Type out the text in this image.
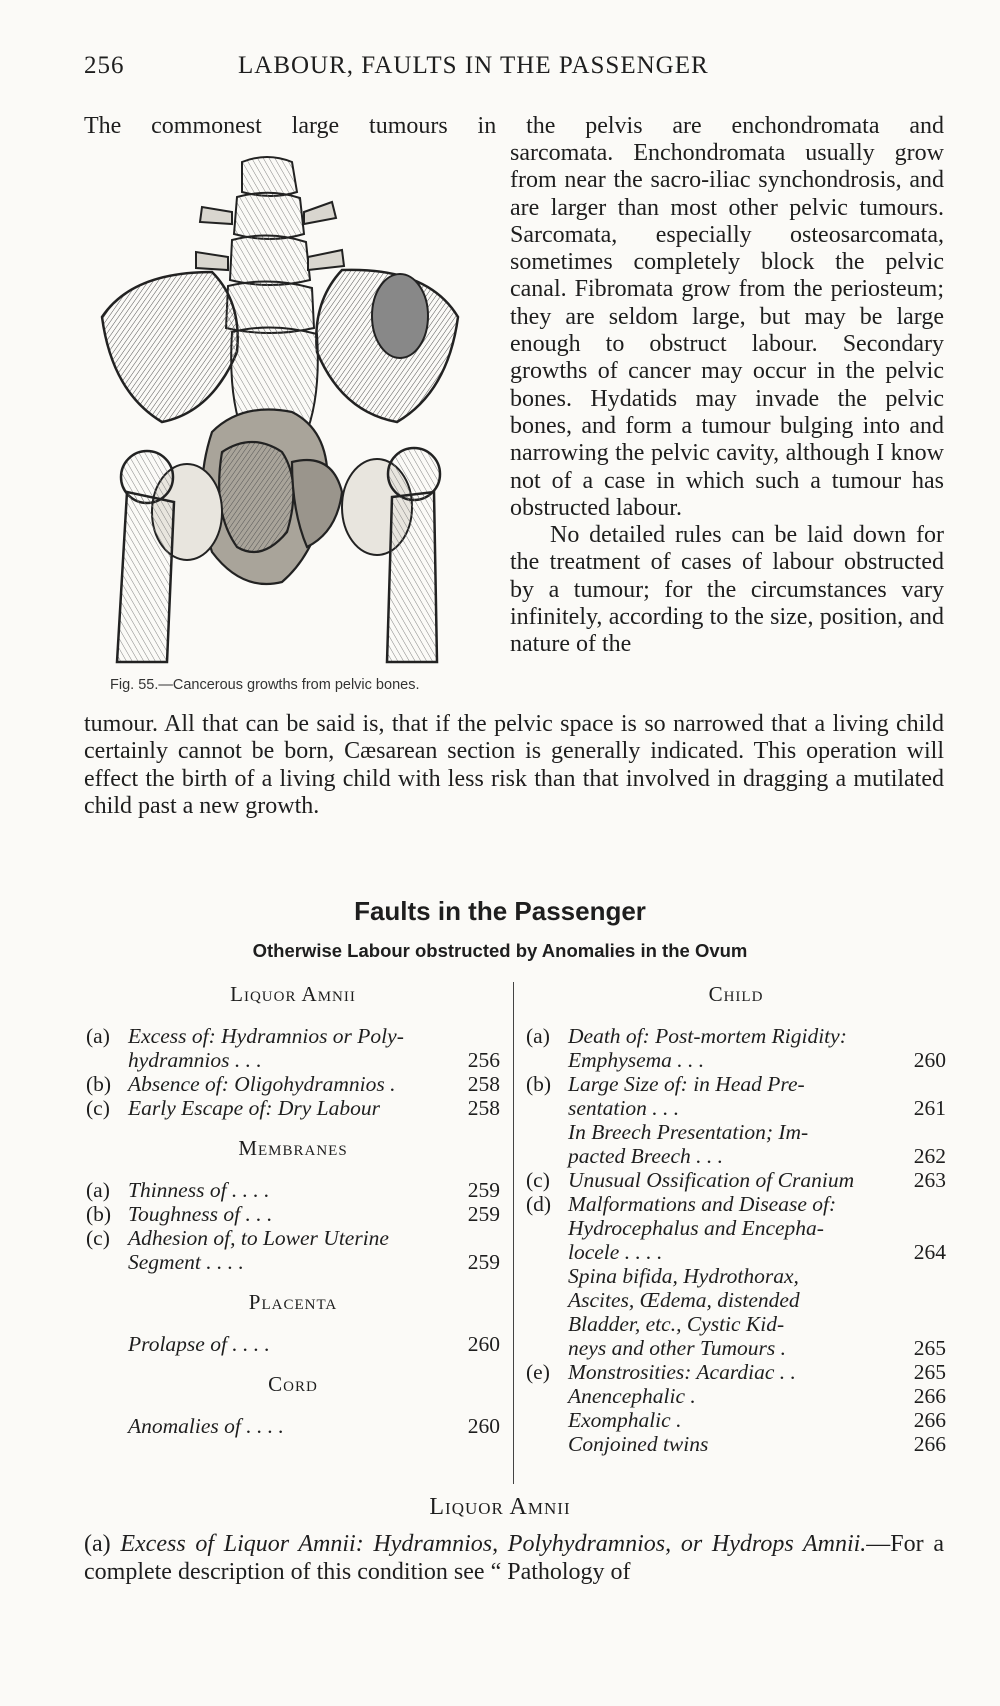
256	LABOUR, FAULTS IN THE PASSENGER
The commonest large tumours in the pelvis are enchondromata and

sarcomata. Enchondromata usually grow from near the sacro-iliac synchondrosis, and are larger than most other pelvic tumours. Sarcomata, especially osteosarcomata, sometimes completely block the pelvic canal. Fibromata grow from the periosteum; they are seldom large, but may be large enough to obstruct labour. Secondary growths of cancer may occur in the pelvic bones. Hydatids may invade the pelvic bones, and form a tumour bulging into and narrowing the pelvic cavity, although I know not of a case in which such a tumour has obstructed labour.

No detailed rules can be laid down for the treatment of cases of labour obstructed by a tumour; for the circumstances vary infinitely, according to the size, position, and nature of the

Fig. 55.—Cancerous growths from pelvic bones.
tumour. All that can be said is, that if the pelvic space is so narrowed that a living child certainly cannot be born, Cæsarean section is generally indicated. This operation will effect the birth of a living child with less risk than that involved in dragging a mutilated child past a new growth.
Faults in the Passenger
Otherwise Labour obstructed by Anomalies in the Ovum
Liquor Amnii
(a) Excess of: Hydramnios or Poly-
hydramnios . . .	256
(b) Absence of: Oligohydramnios .	258
(c) Early Escape of: Dry Labour	258
Membranes
(a) Thinness of . . . .	259
(b) Toughness of . . .	259
(c) Adhesion of, to Lower Uterine
Segment . . . .	259
Placenta
Prolapse of . . . .	260
Cord
Anomalies of . . . .	260
Child
(a) Death of: Post-mortem Rigidity:
Emphysema . . .	260
(b) Large Size of: in Head Pre-
sentation . . .	261
In Breech Presentation; Im-
pacted Breech . . .	262
(c) Unusual Ossification of Cranium	263
(d) Malformations and Disease of:
Hydrocephalus and Encepha-
locele . . . .	264
Spina bifida, Hydrothorax,
Ascites, Œdema, distended
Bladder, etc., Cystic Kid-
neys and other Tumours .	265
(e) Monstrosities: Acardiac . .	265
Anencephalic .	266
Exomphalic .	266
Conjoined twins	266
Liquor Amnii
(a) Excess of Liquor Amnii: Hydramnios, Polyhydramnios, or Hydrops Amnii.—For a complete description of this condition see “ Pathology of
